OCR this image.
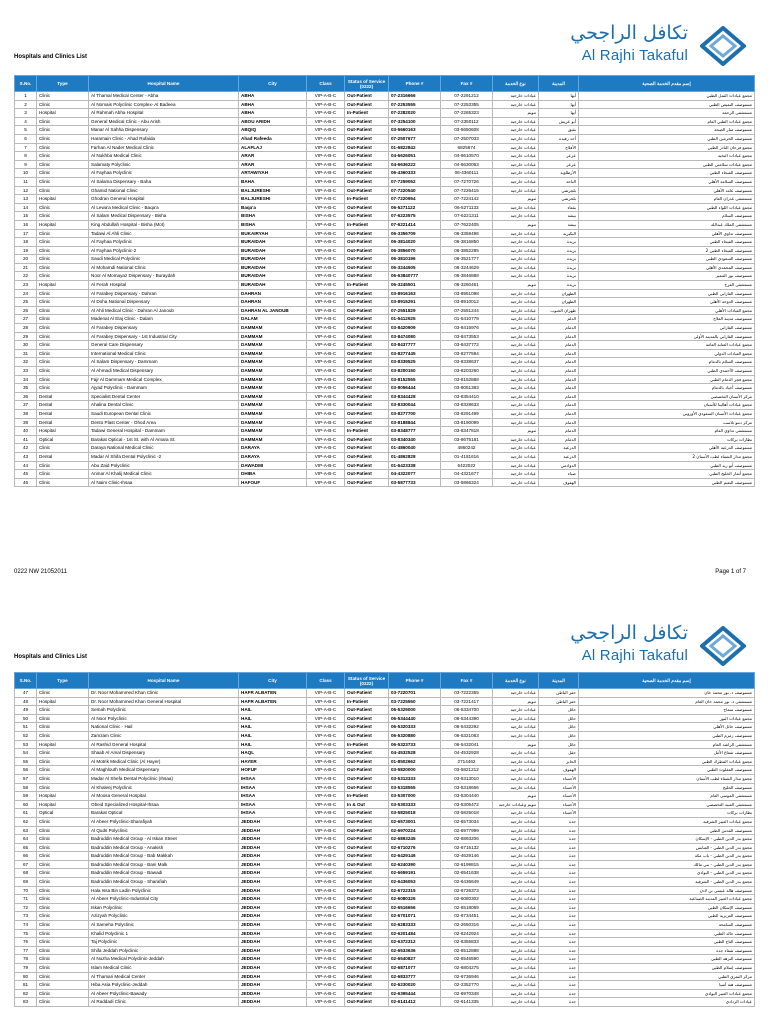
تكافل الراجحي
Al Rajhi Takaful
Hospitals and Clinics List
S.No.	Type	Hospital Name	City	Class	Status of Service (0222)	Phone #	Fax #	نوع الخدمة	المدينة	إسم مقدم الخدمة الصحية
1	Clinic	Al Thamal Medical Center - Abha	ABHA	VIP-A-B-C	Out-Patient	07-2316666	07-2291212	عيادات خارجية	أبها	مجمع عيادات الثمل الطبي
2	Clinic	Al Nomais Polyclinic Complex- Al Badeea	ABHA	VIP-A-B-C	Out-Patient	07-2253555	07-2253355	عيادات خارجية	أبها	مستوصف النميص الطبي
3	Hospital	Al Rahmah Abha Hospital	ABHA	VIP-A-B-C	In-Patient	07-2282020	07-2265323	تنويم	أبها	مستشفى الرحمة
4	Clinic	General Medical Clinic - Abu Arish	ABOU ARIDH	VIP-A-B-C	Out-Patient	07-3254100	07-2350112	عيادات خارجية	أبو عريش	مجمع عيادات الطبي العام
5	Clinic	Manar Al Sahha Dispensary	ABQIQ	VIP-A-B-C	Out-Patient	03-5660163	03-5650608	عيادات خارجية	بقيق	مستوصف منار الصحة
6	Clinic	Haramain Clinic - Ahad Rufaida	Ahad Rafeeda	VIP-A-B-C	Out-Patient	07-2507677	07-2507033	عيادات خارجية	أحد رفيدة	مستوصف الحرمين الطبي
7	Clinic	Farhan Al Nader Medical Clinic	ALAFLAJ	VIP-A-B-C	Out-Patient	01-6822842	6825674	عيادات خارجية	الأفلاج	مجمع فرحان النادر الطبي
8	Clinic	Al Nukhba Medical Clinic	ARAR	VIP-A-B-C	Out-Patient	04-6626051	04-6610570	عيادات خارجية	عرعر	مجمع عيادات النخبة
9	Clinic	Salamaty Polyclinic	ARAR	VIP-A-B-C	Out-Patient	04-6636222	04-6630063	عيادات خارجية	عرعر	مجمع عيادات سلامتي الطبي
10	Clinic	Al Fayhaa Polyclinic	ARTAWIYAH	VIP-A-B-C	Out-Patient	06-4360333	06-4360111	عيادات خارجية	الأرطاوية	مستوصف الفيحاء الطبي
11	Clinic	Al Salama Dispensary - Baha	BAHA	VIP-A-B-C	Out-Patient	07-7259052	07-7270726	عيادات خارجية	الباحة	مستوصف السلامة الأهلي
12	Clinic	Ghamid National Clinic	BALJURESHI	VIP-A-B-C	Out-Patient	07-7220540	07-7226415	عيادات خارجية	بلجرشي	مستوصف غامد الأهلي
13	Hospital	Ghodran General Hospital	BALJURESHI	VIP-A-B-C	In-Patient	07-7220954	07-7224142	تنويم	بلجرشي	مستشفى غدران العام
14	Clinic	Al Lewa'a Medical Clinic - Baqa'a	Baqa'a	VIP-A-B-C	Out-Patient	06-5271122	06-5271133	عيادات خارجية	بقعاء	مجمع عيادات اللواء الطبي
15	Clinic	Al Salam Medical Dispensary - Bisha	BISHA	VIP-A-B-C	Out-Patient	07-6223575	07-6221311	عيادات خارجية	بيشة	مستوصف السلام
16	Hospital	King Abdullah Hospital - Bisha (Mot)	BISHA	VIP-A-B-C	In-Patient	07-6221414	07-7622405	تنويم	بيشة	مستشفى الملك عبدالله
17	Clinic	Tadawi Al Ahli Clinic	BUKAIRYAH	VIP-A-B-C	Out-Patient	06-3356709	06-3358496	عيادات خارجية	البكيرية	مستوصف تداوي الأهلي
18	Clinic	Al Fayhaa Polyclinic	BURAIDAH	VIP-A-B-C	Out-Patient	06-3814020	06-3816850	عيادات خارجية	بريدة	مستوصف الفيحاء الطبي
19	Clinic	Al Fayhaa Polyclinic-2	BURAIDAH	VIP-A-B-C	Out-Patient	06-3856070	06-3852285	عيادات خارجية	بريدة	مستوصف الفيحاء الطبي 2
20	Clinic	Saudi Medical Polyclinic	BURAIDAH	VIP-A-B-C	Out-Patient	06-3810196	06-3521777	عيادات خارجية	بريدة	مستوصف السعودي الطبي
21	Clinic	Al Mohamdi National Clinic	BURAIDAH	VIP-A-B-C	Out-Patient	06-3244505	06-3244629	عيادات خارجية	بريدة	مستوصف المحمدي الأهلي
22	Clinic	Noor Al Momayaz Dispensary - Buraydah	BURAIDAH	VIP-A-B-C	Out-Patient	06-63840777	06-3846888	عيادات خارجية	بريدة	مستوصف نور المميز
23	Hospital	Al Ferah Hospital	BURAIDAH	VIP-A-B-C	In-Patient	06-3245501	06-3260461	تنويم	بريدة	مستشفى الفرح
24	Clinic	Al Farabey Dispensary - Dahran	DAHRAN	VIP-A-B-C	Out-Patient	03-8916163	03-8951098	عيادات خارجية	الظهران	مستوصف الفارابي الطبي
25	Clinic	Al Doha National Dispensary	DAHRAN	VIP-A-B-C	Out-Patient	03-8915291	03-8910012	عيادات خارجية	الظهران	مستوصف الدوحة الأهلي
26	Clinic	Al Ahli Medical Clinic - Dahran Al Janoub	DAHRAN AL JANOUB	VIP-A-B-C	Out-Patient	07-2551829	07-2551244	عيادات خارجية	ظهران الجنوب	مجمع العيادات الأهلي
27	Clinic	Madenat Al Elaj Clinic - Dalam	DALAM	VIP-A-B-C	Out-Patient	01-5412925	01-5410779	عيادات خارجية	الدلم	مستوصف مدينة العلاج
28	Clinic	Al Farabey Dispensary	DAMMAM	VIP-A-B-C	Out-Patient	03-8420909	03-8415976	عيادات خارجية	الدمام	مستوصف الفارابي
29	Clinic	Al Farabey Dispensary - 1st Industrial City	DAMMAM	VIP-A-B-C	Out-Patient	03-8474080	03-8473553	عيادات خارجية	الدمام	مستوصف الفارابي بالمدينة الأولى
30	Clinic	General Care Dispensary	DAMMAM	VIP-A-B-C	Out-Patient	03-8437777	03-8437772	عيادات خارجية	الدمام	مجمع عيادات العناية العامة
31	Clinic	International Medical Clinic	DAMMAM	VIP-A-B-C	Out-Patient	03-8277445	03-8277594	عيادات خارجية	الدمام	مجمع العيادات الدولي
32	Clinic	Al Salam Dispensary - Dammam	DAMMAM	VIP-A-B-C	Out-Patient	03-8339525	03-8338637	عيادات خارجية	الدمام	مستوصف السلام بالدمام
33	Clinic	Al Ahmadi Medical Dispensary	DAMMAM	VIP-A-B-C	Out-Patient	03-8200150	03-8203260	عيادات خارجية	الدمام	مستوصف الأحمدي الطبي
34	Clinic	Fajr Al Dammam Medical Complex	DAMMAM	VIP-A-B-C	Out-Patient	03-8152555	03-8152888	عيادات خارجية	الدمام	مجمع فجر الدمام الطبي
35	Clinic	Ajyad Polyclinic - Dammam	DAMMAM	VIP-A-B-C	Out-Patient	03-8056444	03-8051383	عيادات خارجية	الدمام	مستوصف أجياد بالدمام
36	Dental	Specialist Dental Center	DAMMAM	VIP-A-B-C	Out-Patient	03-8344428	03-8354410	عيادات خارجية	الدمام	مركز الأسنان التخصصي
37	Dental	Ahalina Dental Clinic	DAMMAM	VIP-A-B-C	Out-Patient	03-8330044	03-8328633	عيادات خارجية	الدمام	مجمع عيادات أهالينا للأسنان
38	Dental	Saudi European Dental Clinic	DAMMAM	VIP-A-B-C	Out-Patient	03-8277700	03-8291499	عيادات خارجية	الدمام	مجمع عيادات الأسنان السعودي الأوروبي
39	Dental	Dento Plast Center - Ohod Area	DAMMAM	VIP-A-B-C	Out-Patient	03-8188844	03-8190099	عيادات خارجية	الدمام	مركز دنتو بلاست
40	Hospital	Tadawi General Hospital - Dammam	DAMMAM	VIP-A-B-C	In-Patient	03-8348777	03-8347818	تنويم	الدمام	مستشفى تداوي العام
41	Optical	Barakat Optical - 1st St. with Al Amara St.	DAMMAM	VIP-A-B-C	Out-Patient	03-8340340	03-8675181	عيادات خارجية	الدمام	نظارات بركات
42	Clinic	Daraya National Medical Clinic	DARAYA	VIP-A-B-C	Out-Patient	01-4860040	4860242	عيادات خارجية	الدرعية	مستوصف الدرعية الأهلي
43	Dental	Madar Al Shifa Dental Polyclinic -2	DARAYA	VIP-A-B-C	Out-Patient	01-4862828	01-4181616	عيادات خارجية	الدرعية	مجمع مدار الشفاء لطب الأسنان 2
44	Clinic	Abu Zaid Polyclinic	DAWADMI	VIP-A-B-C	Out-Patient	01-6423338	6422022	عيادات خارجية	الدوادمي	مستوصف أبو زيد الطبي
45	Clinic	Anmar Al Khalij Medical Clinic	DHIBA	VIP-A-B-C	Out-Patient	04-4322077	04-4321677	عيادات خارجية	ضباء	مجمع أنمار الخليج الطبي
46	Clinic	Al Naim Clinic-Ihsaa	HAFOUF	VIP-A-B-C	Out-Patient	03-5877733	03-5866324	عيادات خارجية	الهفوف	مستوصف النعيم الطبي
0222 NW 21052011	Page 1 of 7
تكافل الراجحي
Al Rajhi Takaful
Hospitals and Clinics List
S.No.	Type	Hospital Name	City	Class	Status of Service (0222)	Phone #	Fax #	نوع الخدمة	المدينة	إسم مقدم الخدمة الصحية
47	Clinic	Dr. Noor Mohammed Khan Clinic	HAFR ALBATEN	VIP-A-B-C	Out-Patient	03-7220701	03-7222355	عيادات خارجية	حفر الباطن	مستوصف د. نور محمد خان
48	Hospital	Dr. Noor Mohammed Khan General Hospital	HAFR ALBATEN	VIP-A-B-C	In-Patient	03-7225550	03-7221417	تنويم	حفر الباطن	مستشفى د. نور محمد خان العام
49	Clinic	Semah Polyclinic	HAIL	VIP-A-B-C	Out-Patient	06-5329000	06-5334700	عيادات خارجية	حائل	مستوصف سماح
50	Clinic	Al Noor Polyclinic	HAIL	VIP-A-B-C	Out-Patient	06-5344440	06-5344390	عيادات خارجية	حائل	مجمع عيادات النور
51	Clinic	National Clinic - Hail	HAIL	VIP-A-B-C	Out-Patient	06-5320333	06-5432292	عيادات خارجية	حائل	مستوصف حائل الأهلي
52	Clinic	Zamzam Clinic	HAIL	VIP-A-B-C	Out-Patient	06-5320880	06-5321063	عيادات خارجية	حائل	مستوصف زمزم الطبي
53	Hospital	Al Rashid General Hospital	HAIL	VIP-A-B-C	In-Patient	06-5323733	06-5432041	تنويم	حائل	مستشفى الراشد العام
54	Clinic	Shaab Al Amal Dispensary	HAQL	VIP-A-B-C	Out-Patient	04-4532528	04-4532928	عيادات خارجية	حقل	مستوصف شعاع الأمل
55	Clinic	Al Motrik Medical Clinic (Al Hayer)	HAYER	VIP-A-B-C	Out-Patient	01-8502662	2714462	عيادات خارجية	الحاير	مجمع عيادات المطرك الطبي
56	Clinic	Al Maghlouth Medical Dispensary	HOFUF	VIP-A-B-C	Out-Patient	03-5820000	03-5821212	عيادات خارجية	الهفوف	مستوصف المغلوث الطبي
57	Clinic	Madar Al Shefa Dental Polyclinic (Ihsaa)	IHSAA	VIP-A-B-C	Out-Patient	03-5313333	03-5313010	عيادات خارجية	الأحساء	مجمع مدار الشفاء لطب الأسنان
58	Clinic	Al Khaleej Polyclinic	IHSAA	VIP-A-B-C	Out-Patient	03-5318555	03-5318666	عيادات خارجية	الأحساء	مستوصف الخليج
59	Hospital	Al Moosa General Hospital	IHSAA	VIP-A-B-C	In-Patient	03-5307000	03-5304440	تنويم	الأحساء	مستشفى الموسى العام
60	Hospital	Obeid Specialized Hospital-Ihsaa	IHSAA	VIP-A-B-C	In & Out	03-5303333	03-5305472	تنويم وعيادات خارجية	الأحساء	مستشفى العبيد التخصصي
61	Optical	Barakat Optical	IHSAA	VIP-A-B-C	Out-Patient	03-5825018	03-5825018	عيادات خارجية	الأحساء	نظارات بركات
62	Clinic	Al Abeer Polyclinic-Sharafiyah	JEDDAH	VIP-A-B-C	Out-Patient	02-6573001	02-6573034	عيادات خارجية	جدة	مجمع عيادات العبير الشرفية
63	Clinic	Al Quds Polyclinic	JEDDAH	VIP-A-B-C	Out-Patient	02-6970224	02-6977999	عيادات خارجية	جدة	مستوصف القدس الطبي
64	Clinic	Badruddin Medical Group - Al Iskan Street	JEDDAH	VIP-A-B-C	Out-Patient	02-6893245	02-6893206	عيادات خارجية	جدة	مجمع بدر الدين الطبي - الإسكان
65	Clinic	Badruddin Medical Group - Anakish	JEDDAH	VIP-A-B-C	Out-Patient	02-6710276	02-6715132	عيادات خارجية	جدة	مجمع بدر الدين الطبي - العنابس
66	Clinic	Badruddin Medical Group - Bab Makkah	JEDDAH	VIP-A-B-C	Out-Patient	02-6429146	02-4629146	عيادات خارجية	جدة	مجمع بدر الدين الطبي - باب مكة
67	Clinic	Badruddin Medical Group - Bani Malk	JEDDAH	VIP-A-B-C	Out-Patient	02-6240390	02-6199815	عيادات خارجية	جدة	مجمع بدر الدين الطبي - بني مالك
68	Clinic	Badruddin Medical Group - Bawadi	JEDDAH	VIP-A-B-C	Out-Patient	02-6659191	02-6541638	عيادات خارجية	جدة	مجمع بدر الدين الطبي - البوادي
69	Clinic	Badruddin Medical Group - Sharafiah	JEDDAH	VIP-A-B-C	Out-Patient	02-6436053	02-6436649	عيادات خارجية	جدة	مجمع بدر الدين الطبي - الشرفية
70	Clinic	Hala Issa Bin Ladin Polyclinic	JEDDAH	VIP-A-B-C	Out-Patient	02-6722315	02-6726373	عيادات خارجية	جدة	مستوصف هالة عيسى بن لادن
71	Clinic	Al Abeer Polyclinic-Industrial City	JEDDAH	VIP-A-B-C	Out-Patient	02-6080326	02-6080302	عيادات خارجية	جدة	مجمع عيادات العبير المدينة الصناعية
72	Clinic	Iskan Polyclinic	JEDDAH	VIP-A-B-C	Out-Patient	02-6516656	02-6518069	عيادات خارجية	جدة	مستوصف الإسكان الطبي
73	Clinic	Azizyah Polyclinic	JEDDAH	VIP-A-B-C	Out-Patient	02-6701071	02-6734451	عيادات خارجية	جدة	مستوصف العزيزية الطبي
74	Clinic	Al Sameha Polyclinic	JEDDAH	VIP-A-B-C	Out-Patient	02-6283333	02-2650316	عيادات خارجية	جدة	مستوصف السامحة
75	Clinic	Khalid Polyclinic 1	JEDDAH	VIP-A-B-C	Out-Patient	02-6201484	02-6242924	عيادات خارجية	جدة	مستوصف خالد الطبي
76	Clinic	Taj Polyclinic	JEDDAH	VIP-A-B-C	Out-Patient	02-6372312	02-6355833	عيادات خارجية	جدة	مستوصف التاج الطبي
77	Clinic	Shifa Jeddah Polyclinic	JEDDAH	VIP-A-B-C	Out-Patient	02-6533636	02-6512888	عيادات خارجية	جدة	مستوصف شفاء جدة
78	Clinic	Al Nuzha Medical Polyclinic-Jeddah	JEDDAH	VIP-A-B-C	Out-Patient	02-6540827	02-6546590	عيادات خارجية	جدة	مستوصف النزهة الطبي
79	Clinic	Islam Medical Clinic	JEDDAH	VIP-A-B-C	Out-Patient	02-6871077	02-6804275	عيادات خارجية	جدة	مستوصف إسلام الطبي
80	Clinic	Al Thamari Medical Center	JEDDAH	VIP-A-B-C	Out-Patient	02-6833777	02-6736946	عيادات خارجية	جدة	مركز الثمري الطبي
81	Clinic	Hiba Asia Polyclinic-Jeddah	JEDDAH	VIP-A-B-C	Out-Patient	02-6230020	02-2352770	عيادات خارجية	جدة	مستوصف هبة آسيا
82	Clinic	Al Abeer Polyclinic-Bawady	JEDDAH	VIP-A-B-C	Out-Patient	02-6395444	02-6970348	عيادات خارجية	جدة	مجمع عيادات العبير البوادي
83	Clinic	Al Raddadi Clinic	JEDDAH	VIP-A-B-C	Out-Patient	02-6141412	02-6141335	عيادات خارجية	جدة	عيادات الردادي
